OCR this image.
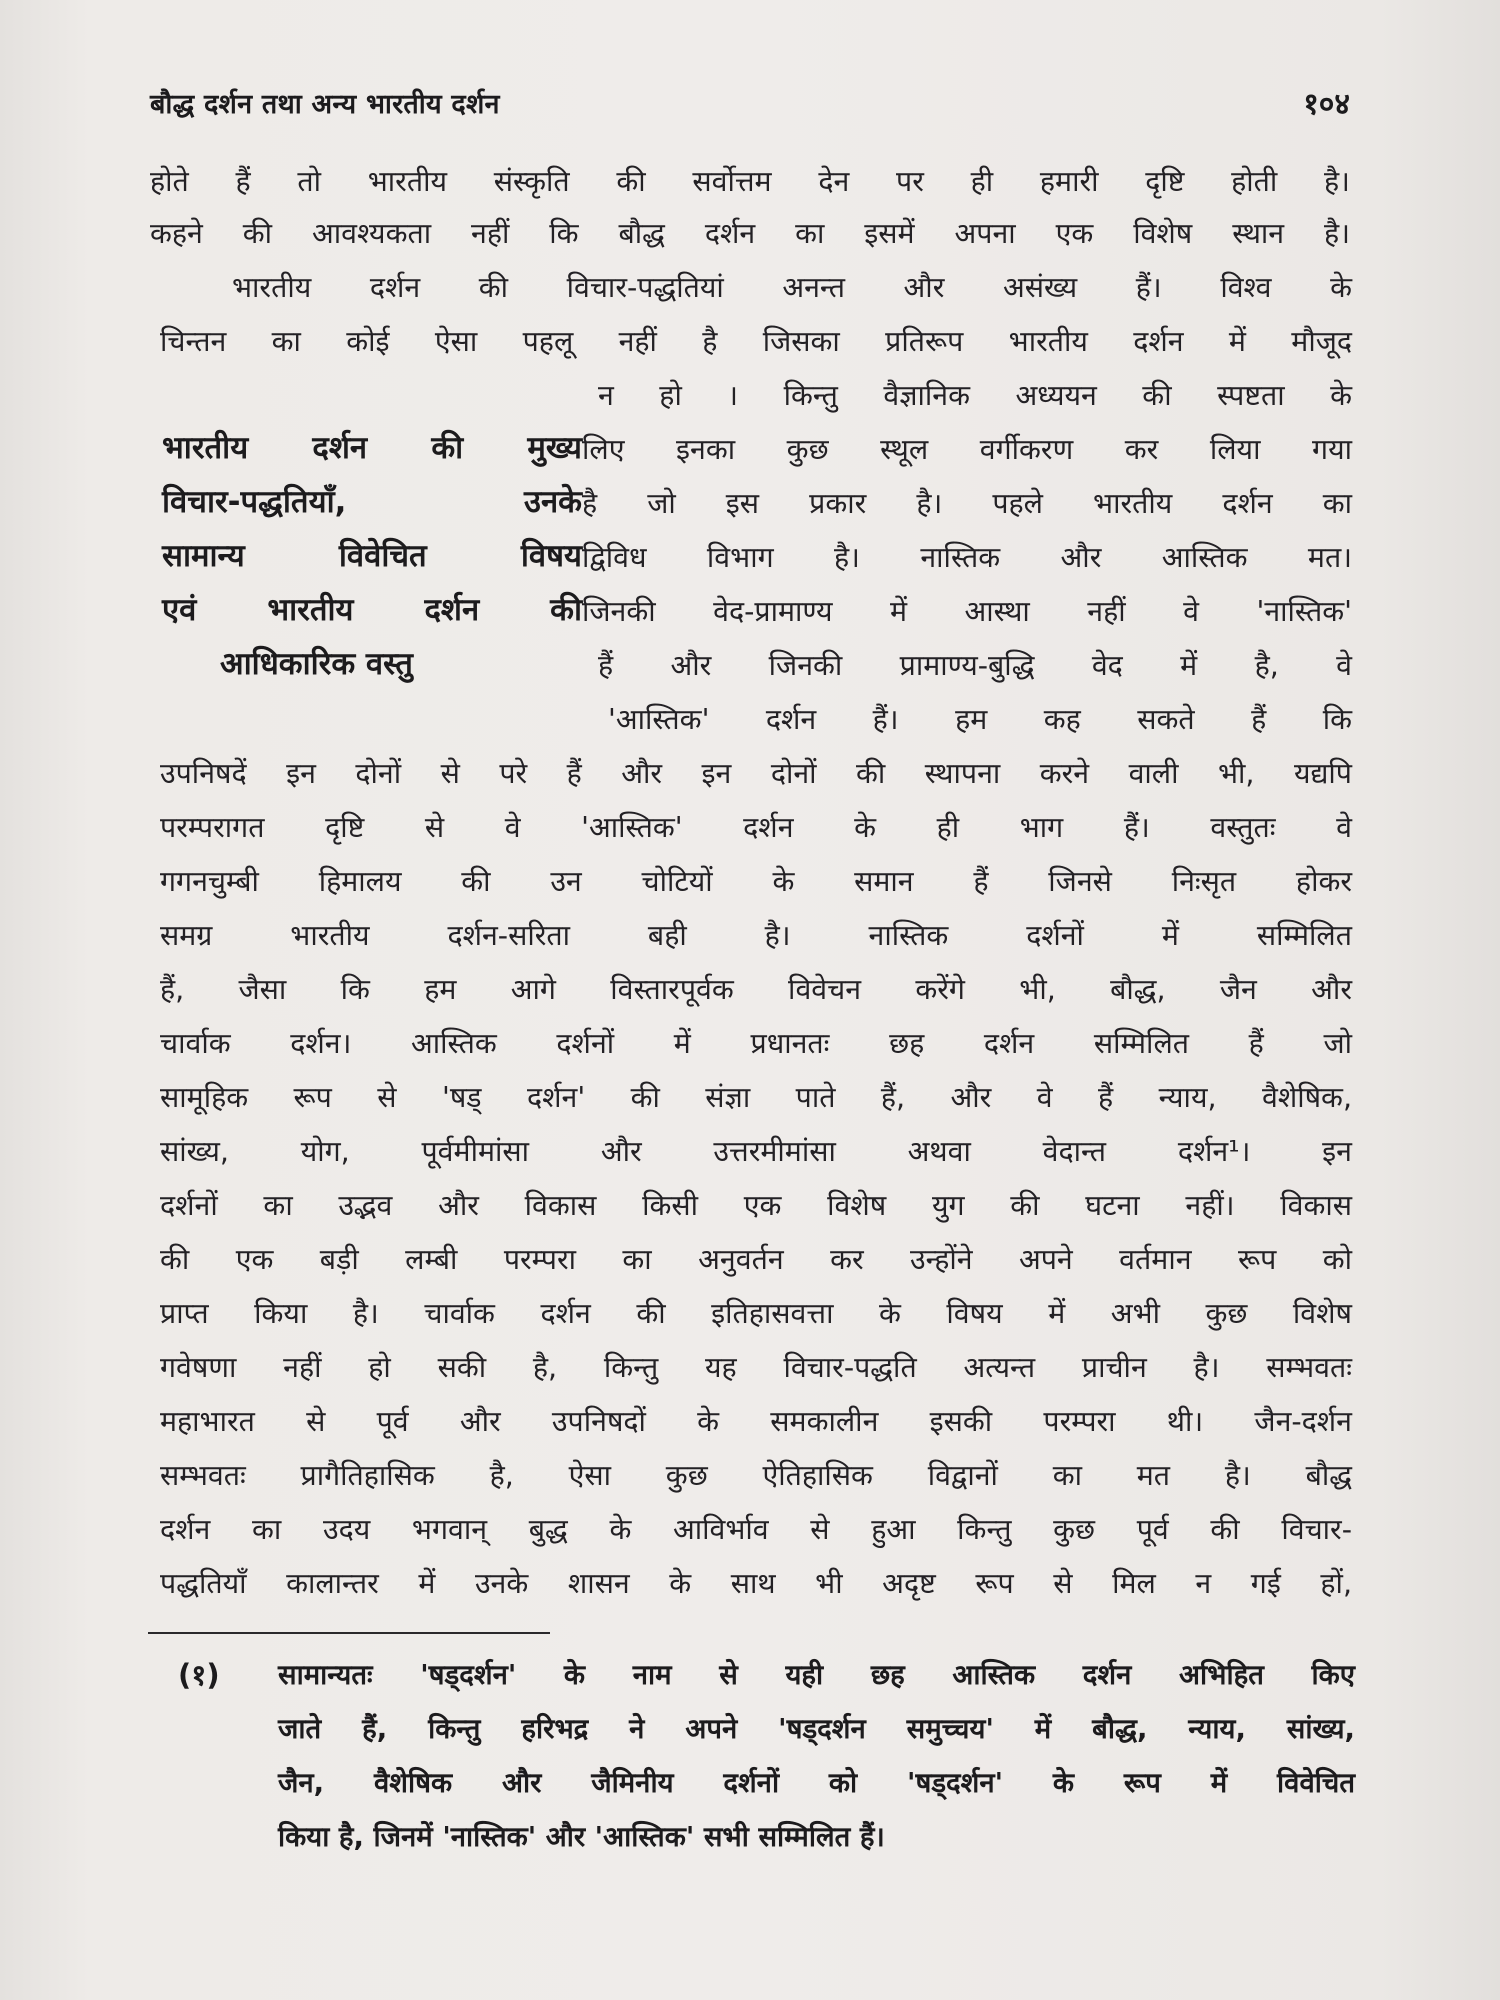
बौद्ध दर्शन तथा अन्य भारतीय दर्शन	१०४
होते हैं तो भारतीय संस्कृति की सर्वोत्तम देन पर ही हमारी दृष्टि होती है।
कहने की आवश्यकता नहीं कि बौद्ध दर्शन का इसमें अपना एक विशेष स्थान है।
भारतीय दर्शन की विचार-पद्धतियां अनन्त और असंख्य हैं। विश्व के
चिन्तन का कोई ऐसा पहलू नहीं है जिसका प्रतिरूप भारतीय दर्शन में मौजूद
न हो । किन्तु वैज्ञानिक अध्ययन की स्पष्टता के
लिए इनका कुछ स्थूल वर्गीकरण कर लिया गया
है जो इस प्रकार है। पहले भारतीय दर्शन का
द्विविध विभाग है। नास्तिक और आस्तिक मत।
जिनकी वेद-प्रामाण्य में आस्था नहीं वे 'नास्तिक'
हैं और जिनकी प्रामाण्य-बुद्धि वेद में है, वे
'आस्तिक' दर्शन हैं। हम कह सकते हैं कि
भारतीय दर्शन की मुख्य
विचार-पद्धतियाँ, उनके
सामान्य विवेचित विषय
एवं भारतीय दर्शन की
आधिकारिक वस्तु
उपनिषदें इन दोनों से परे हैं और इन दोनों की स्थापना करने वाली भी, यद्यपि
परम्परागत दृष्टि से वे 'आस्तिक' दर्शन के ही भाग हैं। वस्तुतः वे
गगनचुम्बी हिमालय की उन चोटियों के समान हैं जिनसे निःसृत होकर
समग्र भारतीय दर्शन-सरिता बही है। नास्तिक दर्शनों में सम्मिलित
हैं, जैसा कि हम आगे विस्तारपूर्वक विवेचन करेंगे भी, बौद्ध, जैन और
चार्वाक दर्शन। आस्तिक दर्शनों में प्रधानतः छह दर्शन सम्मिलित हैं जो
सामूहिक रूप से 'षड् दर्शन' की संज्ञा पाते हैं, और वे हैं न्याय, वैशेषिक,
सांख्य, योग, पूर्वमीमांसा और उत्तरमीमांसा अथवा वेदान्त दर्शन¹। इन
दर्शनों का उद्भव और विकास किसी एक विशेष युग की घटना नहीं। विकास
की एक बड़ी लम्बी परम्परा का अनुवर्तन कर उन्होंने अपने वर्तमान रूप को
प्राप्त किया है। चार्वाक दर्शन की इतिहासवत्ता के विषय में अभी कुछ विशेष
गवेषणा नहीं हो सकी है, किन्तु यह विचार-पद्धति अत्यन्त प्राचीन है। सम्भवतः
महाभारत से पूर्व और उपनिषदों के समकालीन इसकी परम्परा थी। जैन-दर्शन
सम्भवतः प्रागैतिहासिक है, ऐसा कुछ ऐतिहासिक विद्वानों का मत है। बौद्ध
दर्शन का उदय भगवान् बुद्ध के आविर्भाव से हुआ किन्तु कुछ पूर्व की विचार-
पद्धतियाँ कालान्तर में उनके शासन के साथ भी अदृष्ट रूप से मिल न गई हों,
(१) सामान्यतः 'षड्दर्शन' के नाम से यही छह आस्तिक दर्शन अभिहित किए
जाते हैं, किन्तु हरिभद्र ने अपने 'षड्दर्शन समुच्चय' में बौद्ध, न्याय, सांख्य,
जैन, वैशेषिक और जैमिनीय दर्शनों को 'षड्दर्शन' के रूप में विवेचित
किया है, जिनमें 'नास्तिक' और 'आस्तिक' सभी सम्मिलित हैं।
